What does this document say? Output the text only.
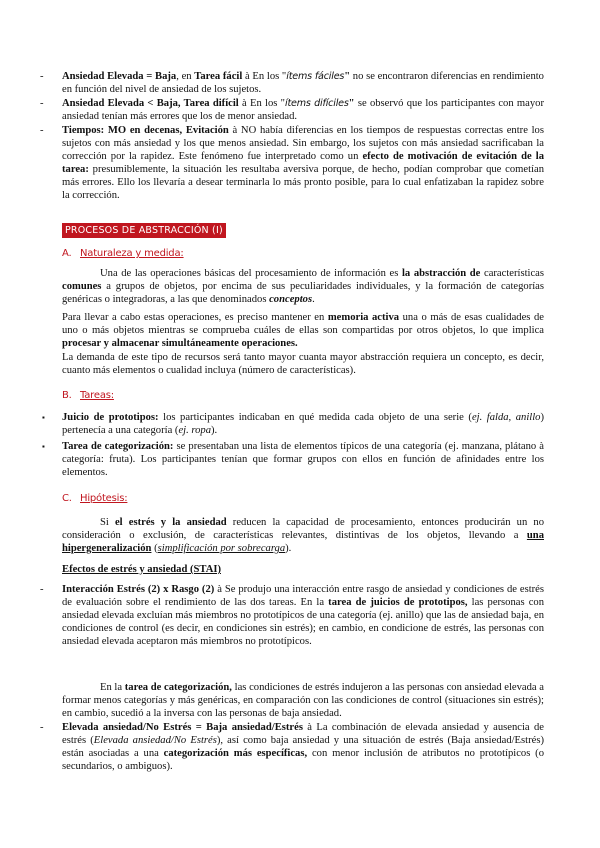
-	Ansiedad Elevada = Baja, en Tarea fácil à En los "ítems fáciles" no se encontraron diferencias en rendimiento en función del nivel de ansiedad de los sujetos.
-	Ansiedad Elevada < Baja, Tarea difícil à En los "ítems difíciles" se observó que los participantes con mayor ansiedad tenían más errores que los de menor ansiedad.
-	Tiempos: MO en decenas, Evitación à NO había diferencias en los tiempos de respuestas correctas entre los sujetos con más ansiedad y los que menos ansiedad. Sin embargo, los sujetos con más ansiedad sacrificaban la corrección por la rapidez. Este fenómeno fue interpretado como un efecto de motivación de evitación de la tarea: presumiblemente, la situación les resultaba aversiva porque, de hecho, podían comprobar que cometían más errores. Ello los llevaría a desear terminarla lo más pronto posible, para lo cual enfatizaban la rapidez sobre la corrección.
PROCESOS DE ABSTRACCIÓN (I)
A. Naturaleza y medida:
Una de las operaciones básicas del procesamiento de información es la abstracción de características comunes a grupos de objetos, por encima de sus peculiaridades individuales, y la formación de categorías genéricas o integradoras, a las que denominados conceptos.
Para llevar a cabo estas operaciones, es preciso mantener en memoria activa una o más de esas cualidades de uno o más objetos mientras se comprueba cuáles de ellas son compartidas por otros objetos, lo que implica procesar y almacenar simultáneamente operaciones.
La demanda de este tipo de recursos será tanto mayor cuanta mayor abstracción requiera un concepto, es decir, cuanto más elementos o cualidad incluya (número de características).
B. Tareas:
▪	Juicio de prototipos: los participantes indicaban en qué medida cada objeto de una serie (ej. falda, anillo) pertenecía a una categoría (ej. ropa).
▪	Tarea de categorización: se presentaban una lista de elementos típicos de una categoría (ej. manzana, plátano à categoría: fruta). Los participantes tenían que formar grupos con ellos en función de afinidades entre los elementos.
C. Hipótesis:
Si el estrés y la ansiedad reducen la capacidad de procesamiento, entonces producirán un no consideración o exclusión, de características relevantes, distintivas de los objetos, llevando a una hipergeneralización (simplificación por sobrecarga).
Efectos de estrés y ansiedad (STAI)
-	Interacción Estrés (2) x Rasgo (2) à Se produjo una interacción entre rasgo de ansiedad y condiciones de estrés de evaluación sobre el rendimiento de las dos tareas. En la tarea de juicios de prototipos, las personas con ansiedad elevada excluían más miembros no prototípicos de una categoría (ej. anillo) que las de ansiedad baja, en condiciones de control (es decir, en condiciones sin estrés); en cambio, en condicione de estrés, las personas con ansiedad elevada aceptaron más miembros no prototípicos.
En la tarea de categorización, las condiciones de estrés indujeron a las personas con ansiedad elevada a formar menos categorías y más genéricas, en comparación con las condiciones de control (situaciones sin estrés); en cambio, sucedió a la inversa con las personas de baja ansiedad.
-	Elevada ansiedad/No Estrés = Baja ansiedad/Estrés à La combinación de elevada ansiedad y ausencia de estrés (Elevada ansiedad/No Estrés), así como baja ansiedad y una situación de estrés (Baja ansiedad/Estrés) están asociadas a una categorización más específicas, con menor inclusión de atributos no prototípicos (o secundarios, o ambiguos).
